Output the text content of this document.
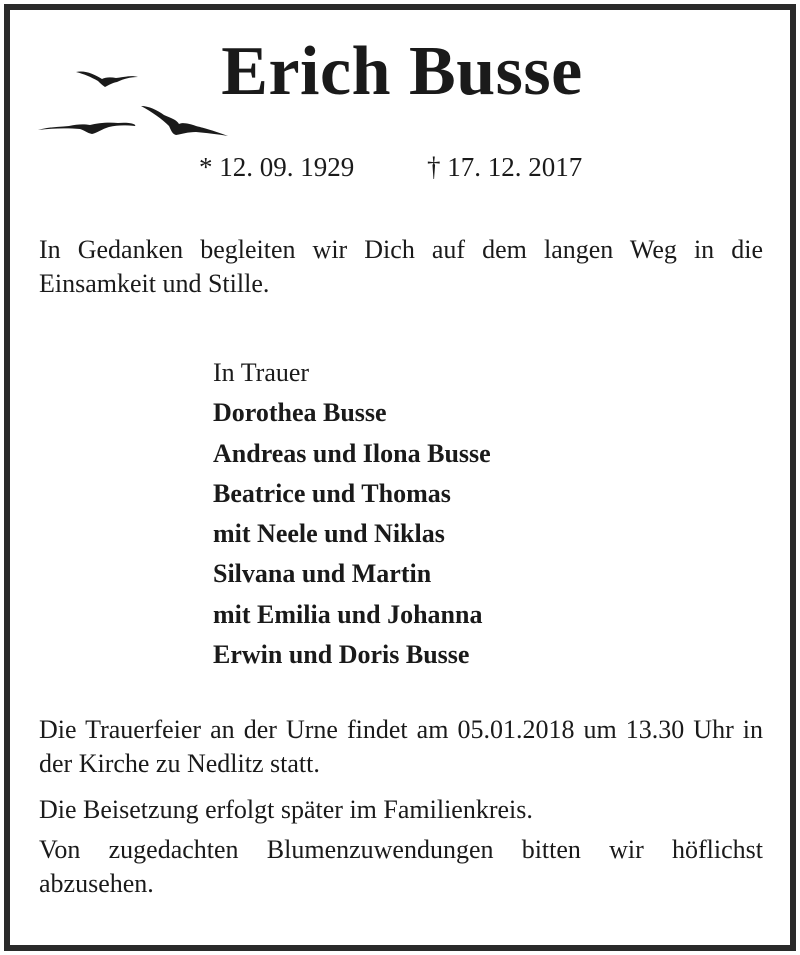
Erich Busse
* 12. 09. 1929	† 17. 12. 2017

In Gedanken begleiten wir Dich auf dem langen Weg in die Einsamkeit und Stille.

In Trauer
Dorothea Busse
Andreas und Ilona Busse
Beatrice und Thomas
mit Neele und Niklas
Silvana und Martin
mit Emilia und Johanna
Erwin und Doris Busse

Die Trauerfeier an der Urne findet am 05.01.2018 um 13.30 Uhr in der Kirche zu Nedlitz statt.

Die Beisetzung erfolgt später im Familienkreis.

Von zugedachten Blumenzuwendungen bitten wir höflichst abzusehen.
